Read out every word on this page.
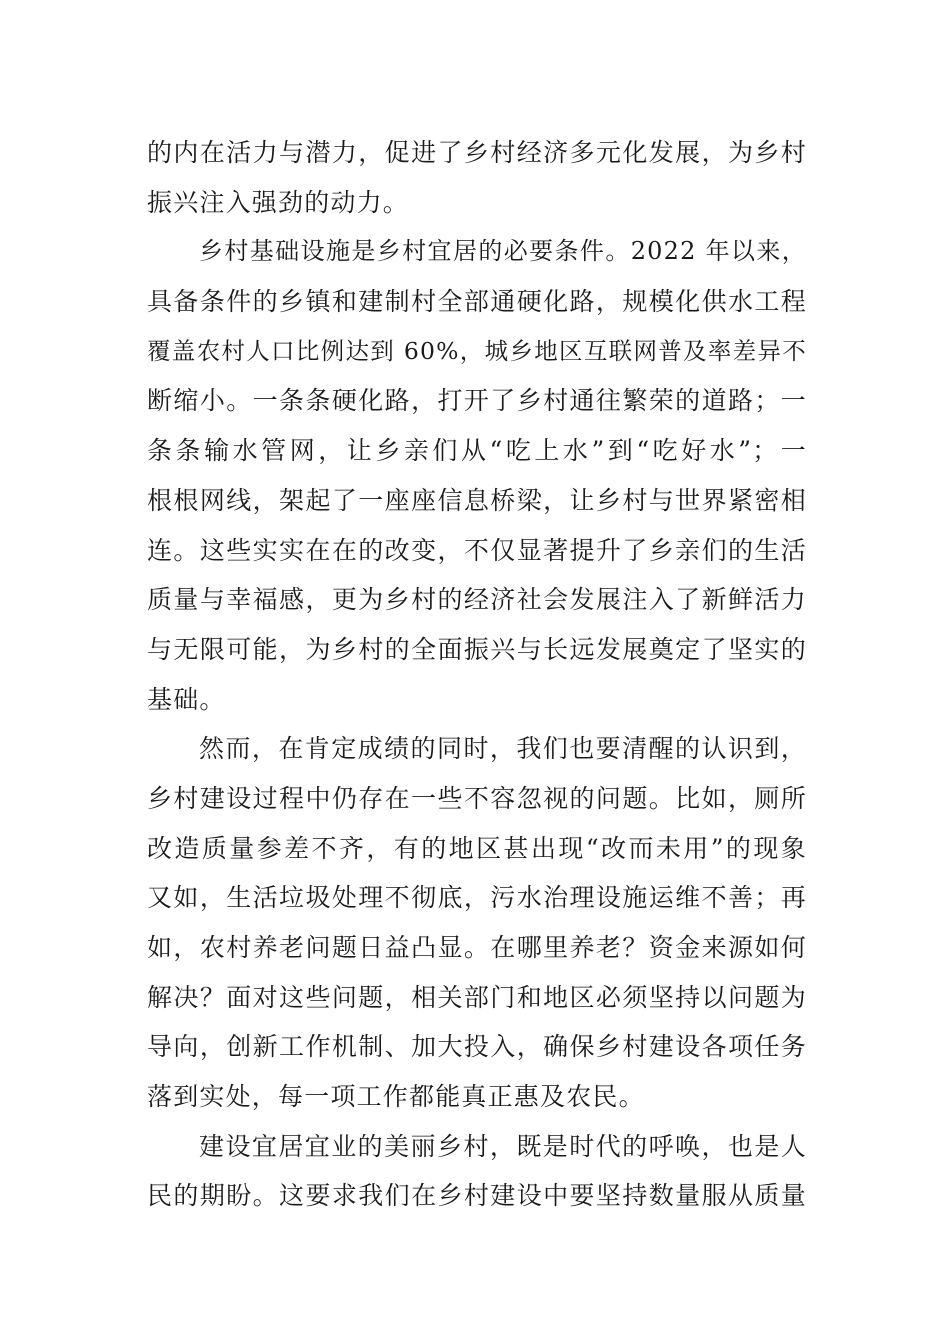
的内在活力与潜力，促进了乡村经济多元化发展，为乡村
振兴注入强劲的动力。
乡村基础设施是乡村宜居的必要条件。2022 年以来，
具备条件的乡镇和建制村全部通硬化路，规模化供水工程
覆盖农村人口比例达到 60%，城乡地区互联网普及率差异不
断缩小。一条条硬化路，打开了乡村通往繁荣的道路；一
条条输水管网，让乡亲们从“吃上水”到“吃好水”；一
根根网线，架起了一座座信息桥梁，让乡村与世界紧密相
连。这些实实在在的改变，不仅显著提升了乡亲们的生活
质量与幸福感，更为乡村的经济社会发展注入了新鲜活力
与无限可能，为乡村的全面振兴与长远发展奠定了坚实的
基础。
然而，在肯定成绩的同时，我们也要清醒的认识到，
乡村建设过程中仍存在一些不容忽视的问题。比如，厕所
改造质量参差不齐，有的地区甚出现“改而未用”的现象
又如，生活垃圾处理不彻底，污水治理设施运维不善；再
如，农村养老问题日益凸显。在哪里养老？资金来源如何
解决？面对这些问题，相关部门和地区必须坚持以问题为
导向，创新工作机制、加大投入，确保乡村建设各项任务
落到实处，每一项工作都能真正惠及农民。
建设宜居宜业的美丽乡村，既是时代的呼唤，也是人
民的期盼。这要求我们在乡村建设中要坚持数量服从质量
